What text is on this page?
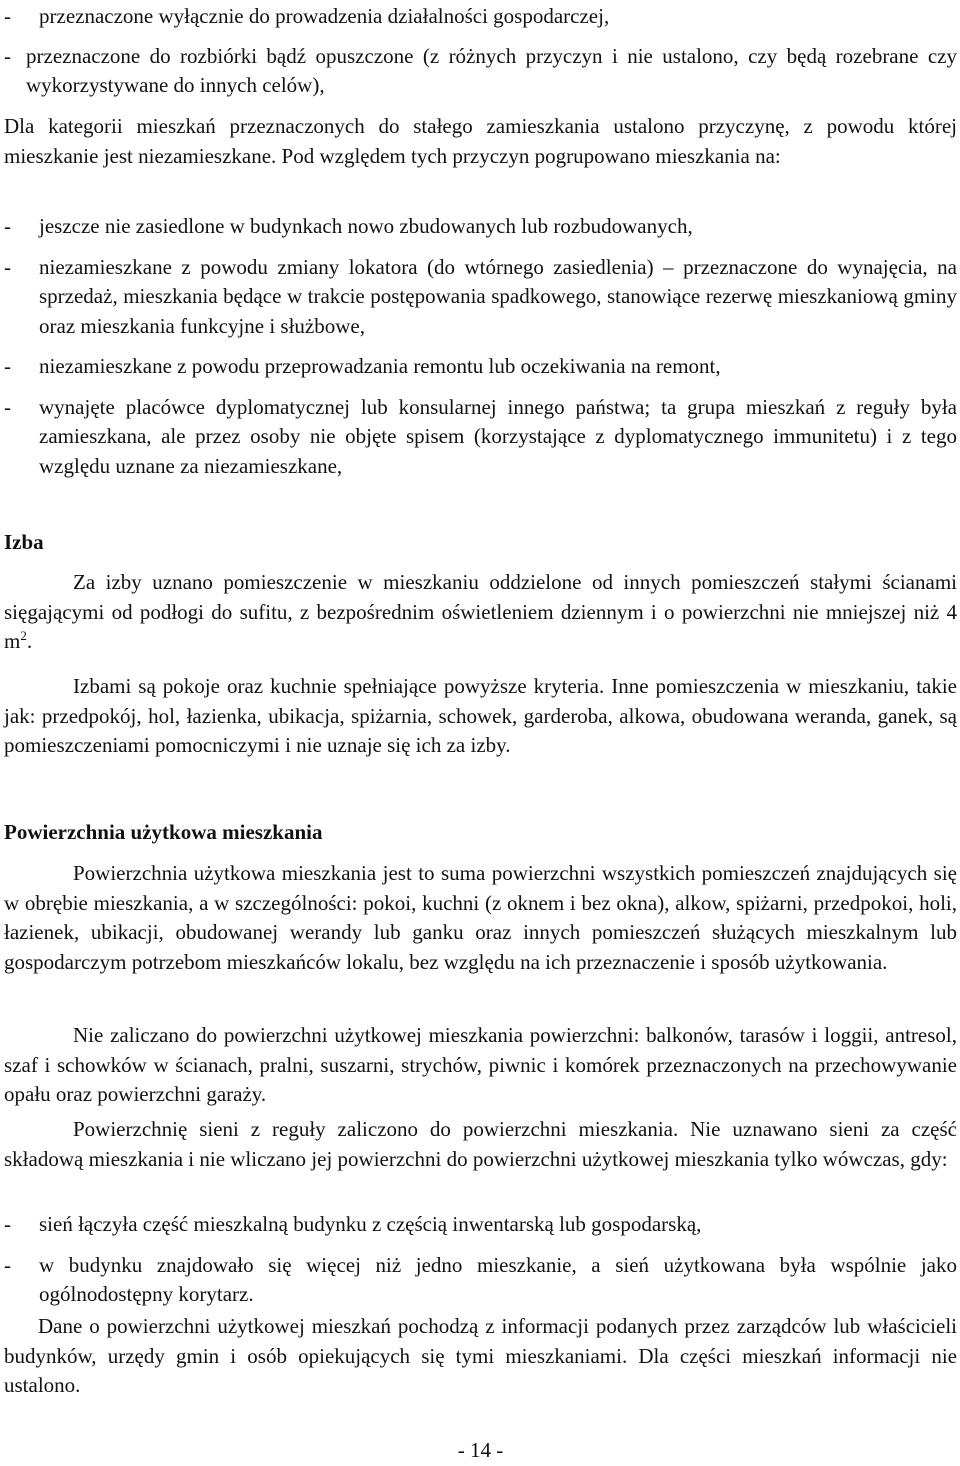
- przeznaczone wyłącznie do prowadzenia działalności gospodarczej,
- przeznaczone do rozbiórki bądź opuszczone (z różnych przyczyn i nie ustalono, czy będą rozebrane czy wykorzystywane do innych celów),
Dla kategorii mieszkań przeznaczonych do stałego zamieszkania ustalono przyczynę, z powodu której mieszkanie jest niezamieszkane. Pod względem tych przyczyn pogrupowano mieszkania na:
- jeszcze nie zasiedlone w budynkach nowo zbudowanych lub rozbudowanych,
- niezamieszkane z powodu zmiany lokatora (do wtórnego zasiedlenia) – przeznaczone do wynajęcia, na sprzedaż, mieszkania będące w trakcie postępowania spadkowego, stanowiące rezerwę mieszkaniową gminy oraz mieszkania funkcyjne i służbowe,
- niezamieszkane z powodu przeprowadzania remontu lub oczekiwania na remont,
- wynajęte placówce dyplomatycznej lub konsularnej innego państwa; ta grupa mieszkań z reguły była zamieszkana, ale przez osoby nie objęte spisem (korzystające z dyplomatycznego immunitetu) i z tego względu uznane za niezamieszkane,
Izba
Za izby uznano pomieszczenie w mieszkaniu oddzielone od innych pomieszczeń stałymi ścianami sięgającymi od podłogi do sufitu, z bezpośrednim oświetleniem dziennym i o powierzchni nie mniejszej niż 4 $m^2$.
Izbami są pokoje oraz kuchnie spełniające powyższe kryteria. Inne pomieszczenia w mieszkaniu, takie jak: przedpokój, hol, łazienka, ubikacja, spiżarnia, schowek, garderoba, alkowa, obudowana weranda, ganek, są pomieszczeniami pomocniczymi i nie uznaje się ich za izby.
Powierzchnia użytkowa mieszkania
Powierzchnia użytkowa mieszkania jest to suma powierzchni wszystkich pomieszczeń znajdujących się w obrębie mieszkania, a w szczególności: pokoi, kuchni (z oknem i bez okna), alkow, spiżarni, przedpokoi, holi, łazienek, ubikacji, obudowanej werandy lub ganku oraz innych pomieszczeń służących mieszkalnym lub gospodarczym potrzebom mieszkańców lokalu, bez względu na ich przeznaczenie i sposób użytkowania.
Nie zaliczano do powierzchni użytkowej mieszkania powierzchni: balkonów, tarasów i loggii, antresol, szaf i schowków w ścianach, pralni, suszarni, strychów, piwnic i komórek przeznaczonych na przechowywanie opału oraz powierzchni garaży.
Powierzchnię sieni z reguły zaliczono do powierzchni mieszkania. Nie uznawano sieni za część składową mieszkania i nie wliczano jej powierzchni do powierzchni użytkowej mieszkania tylko wówczas, gdy:
- sień łączyła część mieszkalną budynku z częścią inwentarską lub gospodarską,
- w budynku znajdowało się więcej niż jedno mieszkanie, a sień użytkowana była wspólnie jako ogólnodostępny korytarz.
Dane o powierzchni użytkowej mieszkań pochodzą z informacji podanych przez zarządców lub właścicieli budynków, urzędy gmin i osób opiekujących się tymi mieszkaniami. Dla części mieszkań informacji nie ustalono.
- 14 -
